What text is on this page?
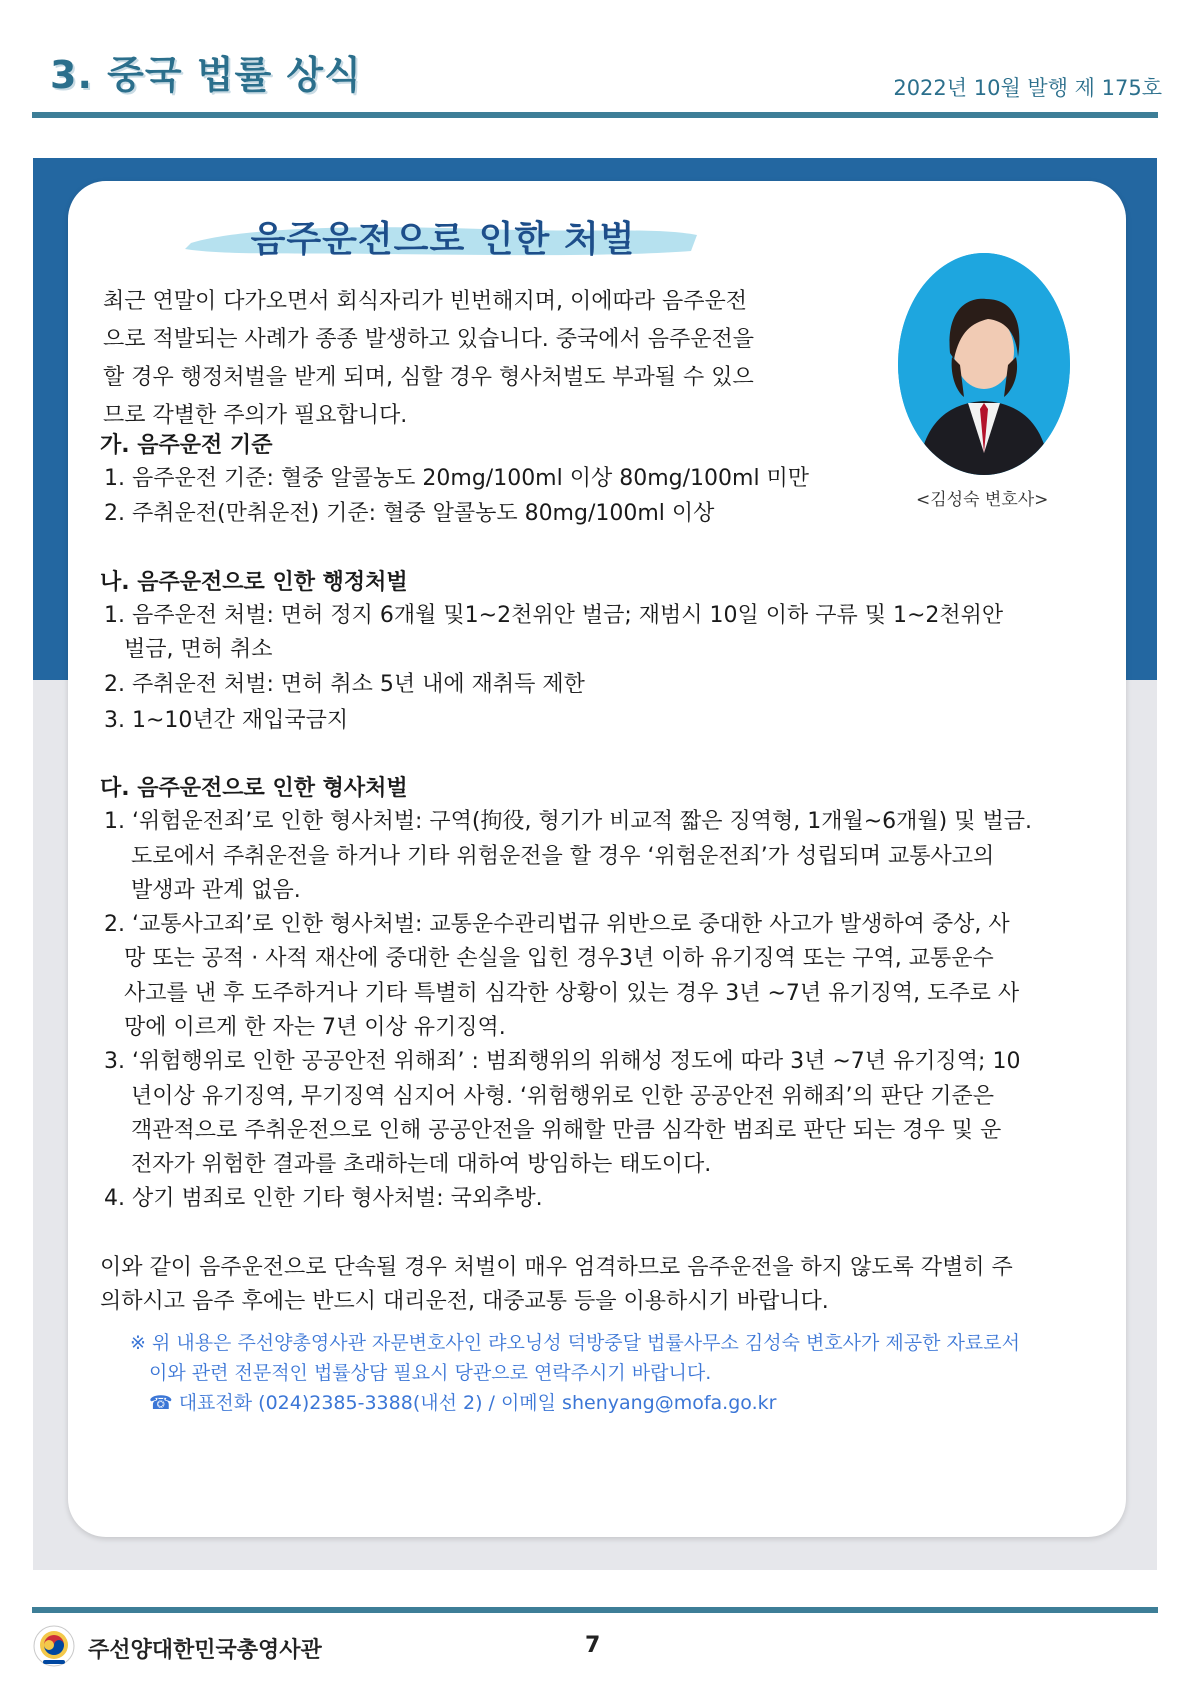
3. 중국 법률 상식	2022년 10월 발행 제 175호
음주운전으로 인한 처벌
최근 연말이 다가오면서 회식자리가 빈번해지며, 이에따라 음주운전
으로 적발되는 사례가 종종 발생하고 있습니다. 중국에서 음주운전을
할 경우 행정처벌을 받게 되며, 심할 경우 형사처벌도 부과될 수 있으
므로 각별한 주의가 필요합니다.
<김성숙 변호사>
가. 음주운전 기준
1. 음주운전 기준: 혈중 알콜농도 20mg/100ml 이상 80mg/100ml 미만
2. 주취운전(만취운전) 기준: 혈중 알콜농도 80mg/100ml 이상
나. 음주운전으로 인한 행정처벌
1. 음주운전 처벌: 면허 정지 6개월 및1~2천위안 벌금; 재범시 10일 이하 구류 및 1~2천위안
벌금, 면허 취소
2. 주취운전 처벌: 면허 취소 5년 내에 재취득 제한
3. 1~10년간 재입국금지
다. 음주운전으로 인한 형사처벌
1. ‘위험운전죄’로 인한 형사처벌: 구역(拘役, 형기가 비교적 짧은 징역형, 1개월~6개월) 및 벌금.
도로에서 주취운전을 하거나 기타 위험운전을 할 경우 ‘위험운전죄’가 성립되며 교통사고의
발생과 관계 없음.
2. ‘교통사고죄’로 인한 형사처벌: 교통운수관리법규 위반으로 중대한 사고가 발생하여 중상, 사
망 또는 공적 · 사적 재산에 중대한 손실을 입힌 경우3년 이하 유기징역 또는 구역, 교통운수
사고를 낸 후 도주하거나 기타 특별히 심각한 상황이 있는 경우 3년 ~7년 유기징역, 도주로 사
망에 이르게 한 자는 7년 이상 유기징역.
3. ‘위험행위로 인한 공공안전 위해죄’ : 범죄행위의 위해성 정도에 따라 3년 ~7년 유기징역; 10
년이상 유기징역, 무기징역 심지어 사형. ‘위험행위로 인한 공공안전 위해죄’의 판단 기준은
객관적으로 주취운전으로 인해 공공안전을 위해할 만큼 심각한 범죄로 판단 되는 경우 및 운
전자가 위험한 결과를 초래하는데 대하여 방임하는 태도이다.
4. 상기 범죄로 인한 기타 형사처벌: 국외추방.
이와 같이 음주운전으로 단속될 경우 처벌이 매우 엄격하므로 음주운전을 하지 않도록 각별히 주
의하시고 음주 후에는 반드시 대리운전, 대중교통 등을 이용하시기 바랍니다.
※ 위 내용은 주선양총영사관 자문변호사인 랴오닝성 덕방중달 법률사무소 김성숙 변호사가 제공한 자료로서
이와 관련 전문적인 법률상담 필요시 당관으로 연락주시기 바랍니다.
☎ 대표전화 (024)2385-3388(내선 2) / 이메일 shenyang@mofa.go.kr
주선양대한민국총영사관	7
